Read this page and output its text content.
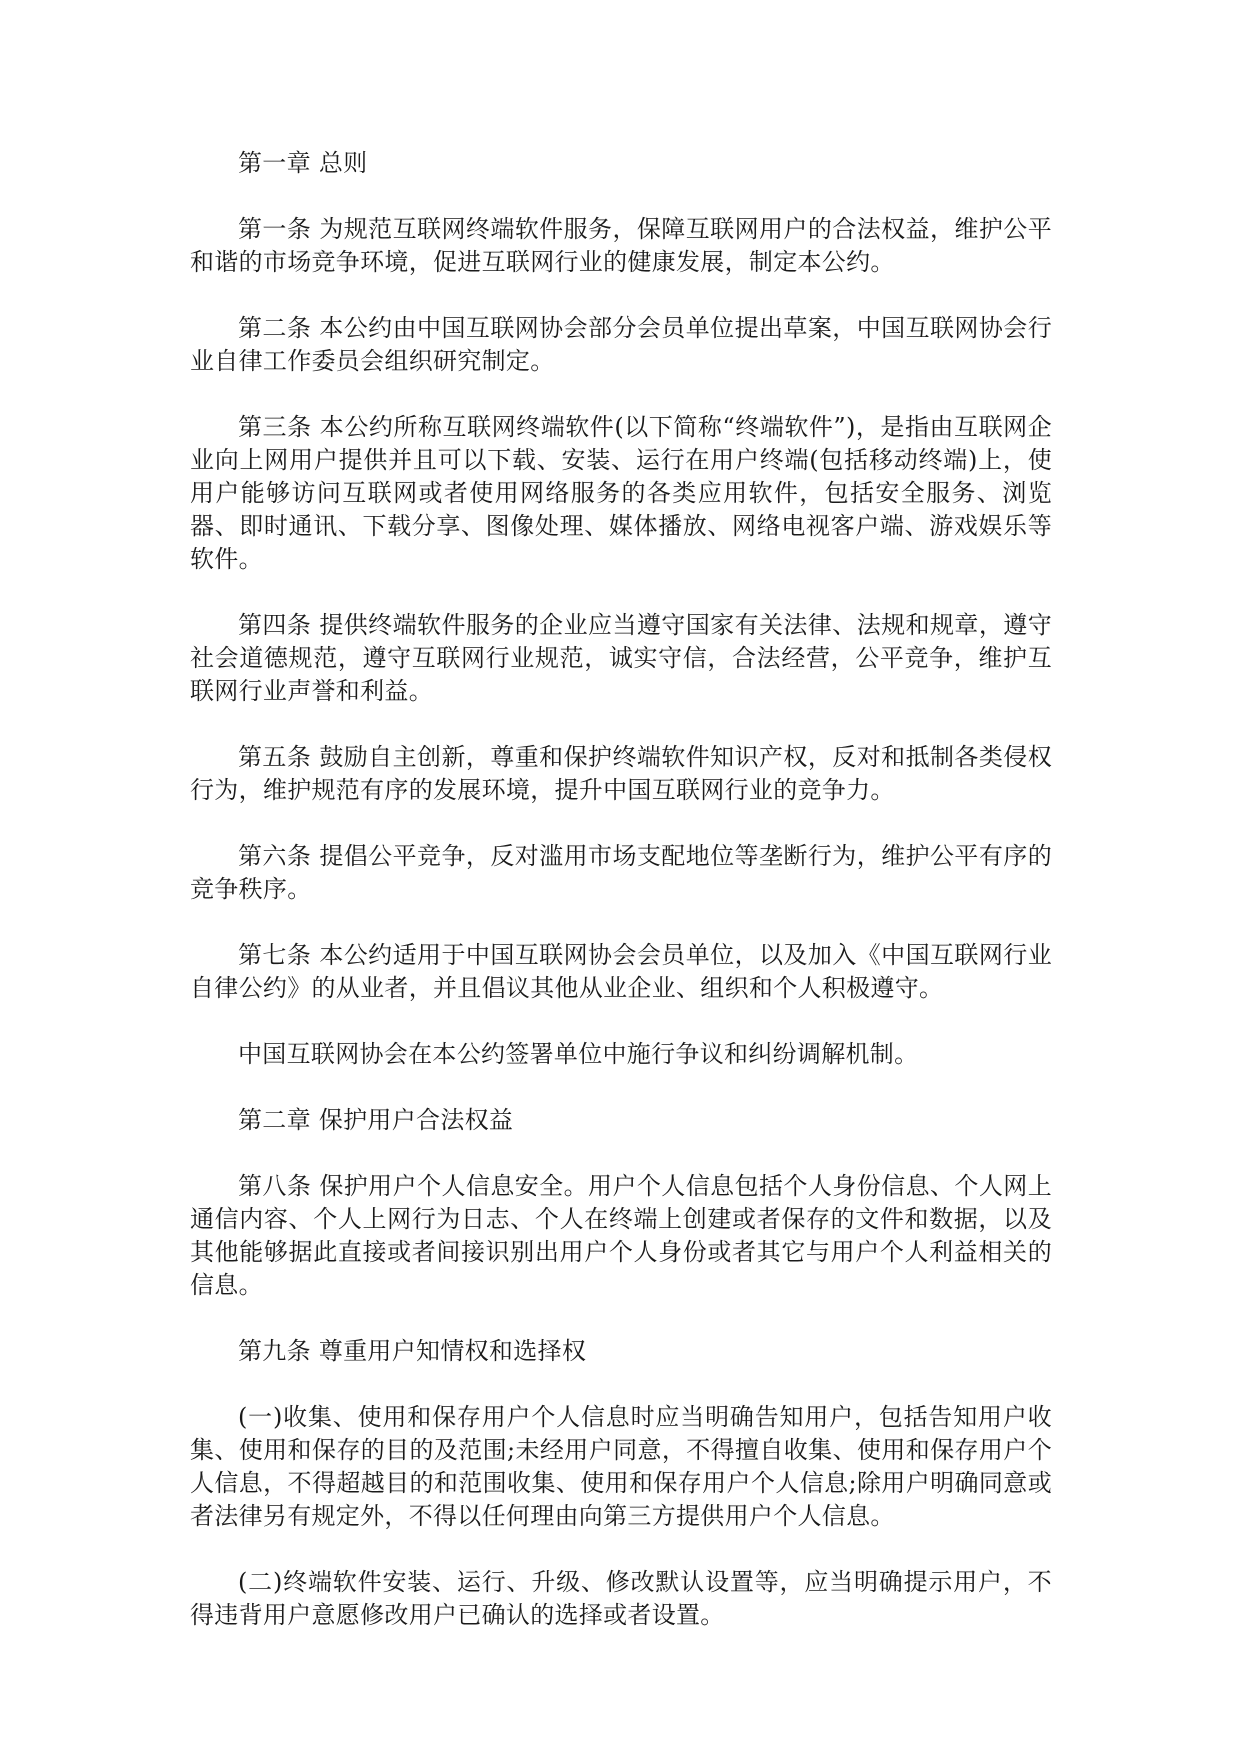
第一章 总则

第一条 为规范互联网终端软件服务，保障互联网用户的合法权益，维护公平和谐的市场竞争环境，促进互联网行业的健康发展，制定本公约。

第二条 本公约由中国互联网协会部分会员单位提出草案，中国互联网协会行业自律工作委员会组织研究制定。

第三条 本公约所称互联网终端软件(以下简称“终端软件”)，是指由互联网企业向上网用户提供并且可以下载、安装、运行在用户终端(包括移动终端)上，使用户能够访问互联网或者使用网络服务的各类应用软件，包括安全服务、浏览器、即时通讯、下载分享、图像处理、媒体播放、网络电视客户端、游戏娱乐等软件。

第四条 提供终端软件服务的企业应当遵守国家有关法律、法规和规章，遵守社会道德规范，遵守互联网行业规范，诚实守信，合法经营，公平竞争，维护互联网行业声誉和利益。

第五条 鼓励自主创新，尊重和保护终端软件知识产权，反对和抵制各类侵权行为，维护规范有序的发展环境，提升中国互联网行业的竞争力。

第六条 提倡公平竞争，反对滥用市场支配地位等垄断行为，维护公平有序的竞争秩序。

第七条 本公约适用于中国互联网协会会员单位，以及加入《中国互联网行业自律公约》的从业者，并且倡议其他从业企业、组织和个人积极遵守。

中国互联网协会在本公约签署单位中施行争议和纠纷调解机制。

第二章 保护用户合法权益

第八条 保护用户个人信息安全。用户个人信息包括个人身份信息、个人网上通信内容、个人上网行为日志、个人在终端上创建或者保存的文件和数据，以及其他能够据此直接或者间接识别出用户个人身份或者其它与用户个人利益相关的信息。

第九条 尊重用户知情权和选择权

(一)收集、使用和保存用户个人信息时应当明确告知用户，包括告知用户收集、使用和保存的目的及范围;未经用户同意，不得擅自收集、使用和保存用户个人信息，不得超越目的和范围收集、使用和保存用户个人信息;除用户明确同意或者法律另有规定外，不得以任何理由向第三方提供用户个人信息。

(二)终端软件安装、运行、升级、修改默认设置等，应当明确提示用户，不得违背用户意愿修改用户已确认的选择或者设置。
